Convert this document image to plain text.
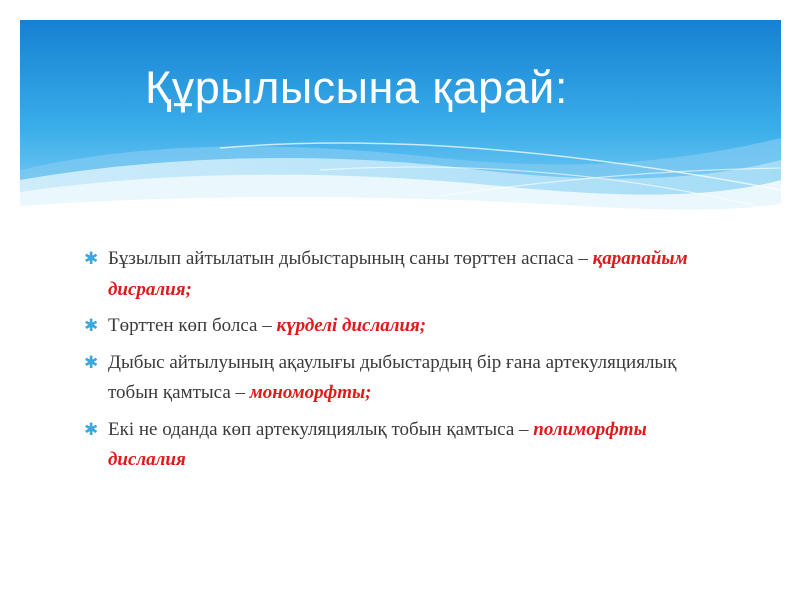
Құрылысына қарай:
✱ Бұзылып айтылатын дыбыстарының саны төрттен аспаса – қарапайым дисралия;
✱ Төрттен көп болса – күрделі дислалия;
✱ Дыбыс айтылуының ақаулығы дыбыстардың бір ғана артекуляциялық тобын қамтыса – мономорфты;
✱ Екі не оданда көп артекуляциялық тобын қамтыса – полиморфты дислалия
